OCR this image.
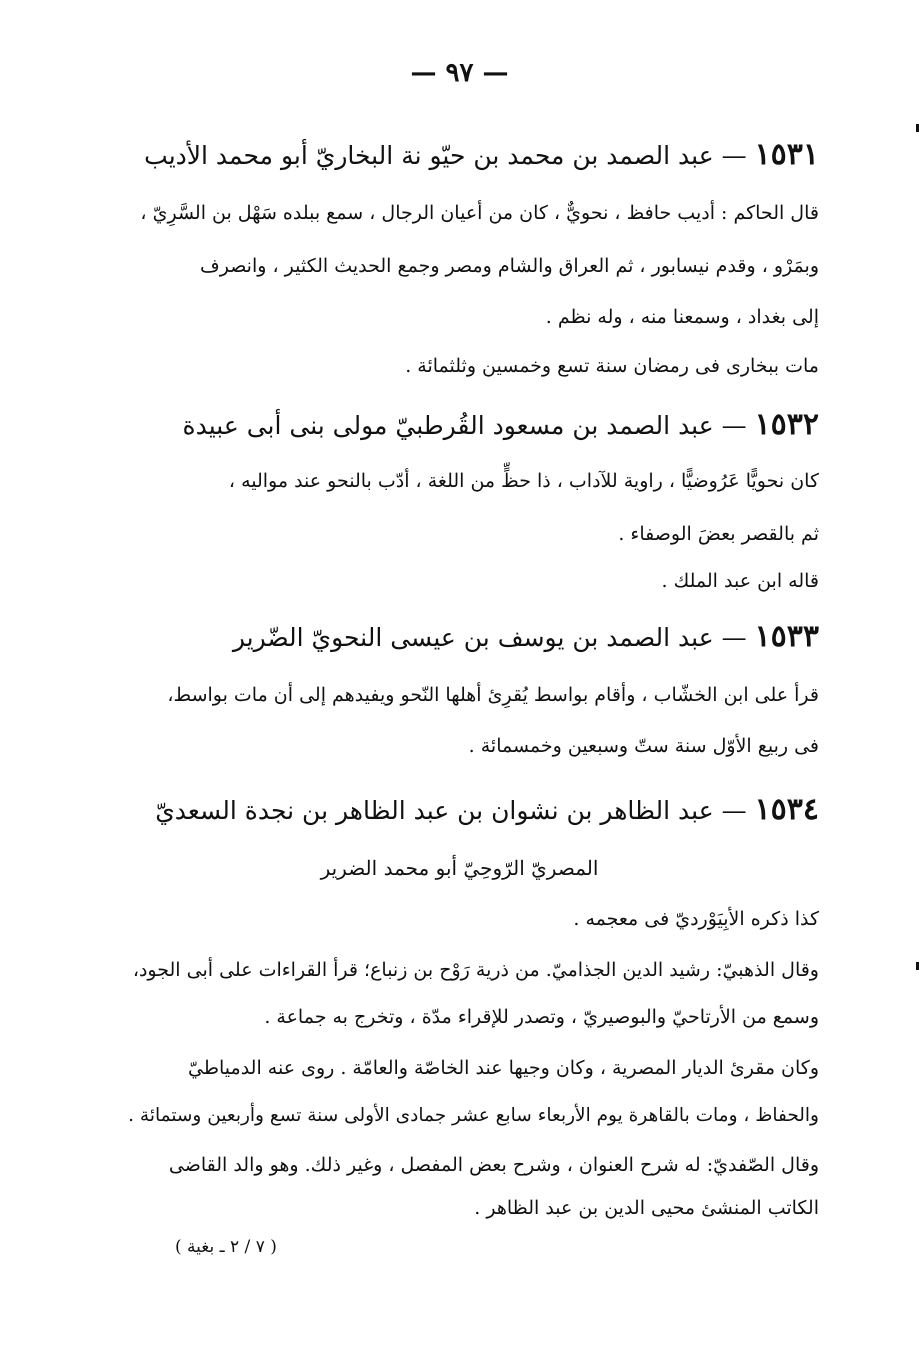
— ٩٧ —
١٥٣١ — عبد الصمد بن محمد بن حيّو نة البخاريّ أبو محمد الأديب
قال الحاكم : أديب حافظ ، نحويٌّ ، كان من أعيان الرجال ، سمع ببلده سَهْل بن السَّرِيّ ،
وبمَرْو ، وقدم نيسابور ، ثم العراق والشام ومصر وجمع الحديث الكثير ، وانصرف
إلى بغداد ، وسمعنا منه ، وله نظم .
مات ببخارى فى رمضان سنة تسع وخمسين وثلثمائة .
١٥٣٢ — عبد الصمد بن مسعود القُرطبيّ مولى بنى أبى عبيدة
كان نحويًّا عَرُوضيًّا ، راوية للآداب ، ذا حظٍّ من اللغة ، أدّب بالنحو عند مواليه ،
ثم بالقصر بعضَ الوصفاء .
قاله ابن عبد الملك .
١٥٣٣ — عبد الصمد بن يوسف بن عيسى النحويّ الضّرير
قرأ على ابن الخشّاب ، وأقام بواسط يُقرِئ أهلها النّحو ويفيدهم إلى أن مات بواسط،
فى ربيع الأوّل سنة ستّ وسبعين وخمسمائة .
١٥٣٤ — عبد الظاهر بن نشوان بن عبد الظاهر بن نجدة السعديّ
المصريّ الرّوحِيّ أبو محمد الضرير
كذا ذكره الأبِيَوْرديّ فى معجمه .
وقال الذهبيّ: رشيد الدين الجذاميّ. من ذرية رَوْح بن زنباع؛ قرأ القراءات على أبى الجود،
وسمع من الأرتاحيّ والبوصيريّ ، وتصدر للإقراء مدّة ، وتخرج به جماعة .
وكان مقرئ الديار المصرية ، وكان وجيها عند الخاصّة والعامّة . روى عنه الدمياطيّ
والحفاظ ، ومات بالقاهرة يوم الأربعاء سابع عشر جمادى الأولى سنة تسع وأربعين وستمائة .
وقال الصّفديّ: له شرح العنوان ، وشرح بعض المفصل ، وغير ذلك. وهو والد القاضى
الكاتب المنشئ محيى الدين بن عبد الظاهر .
( ٧ / ٢ ـ بغية )
